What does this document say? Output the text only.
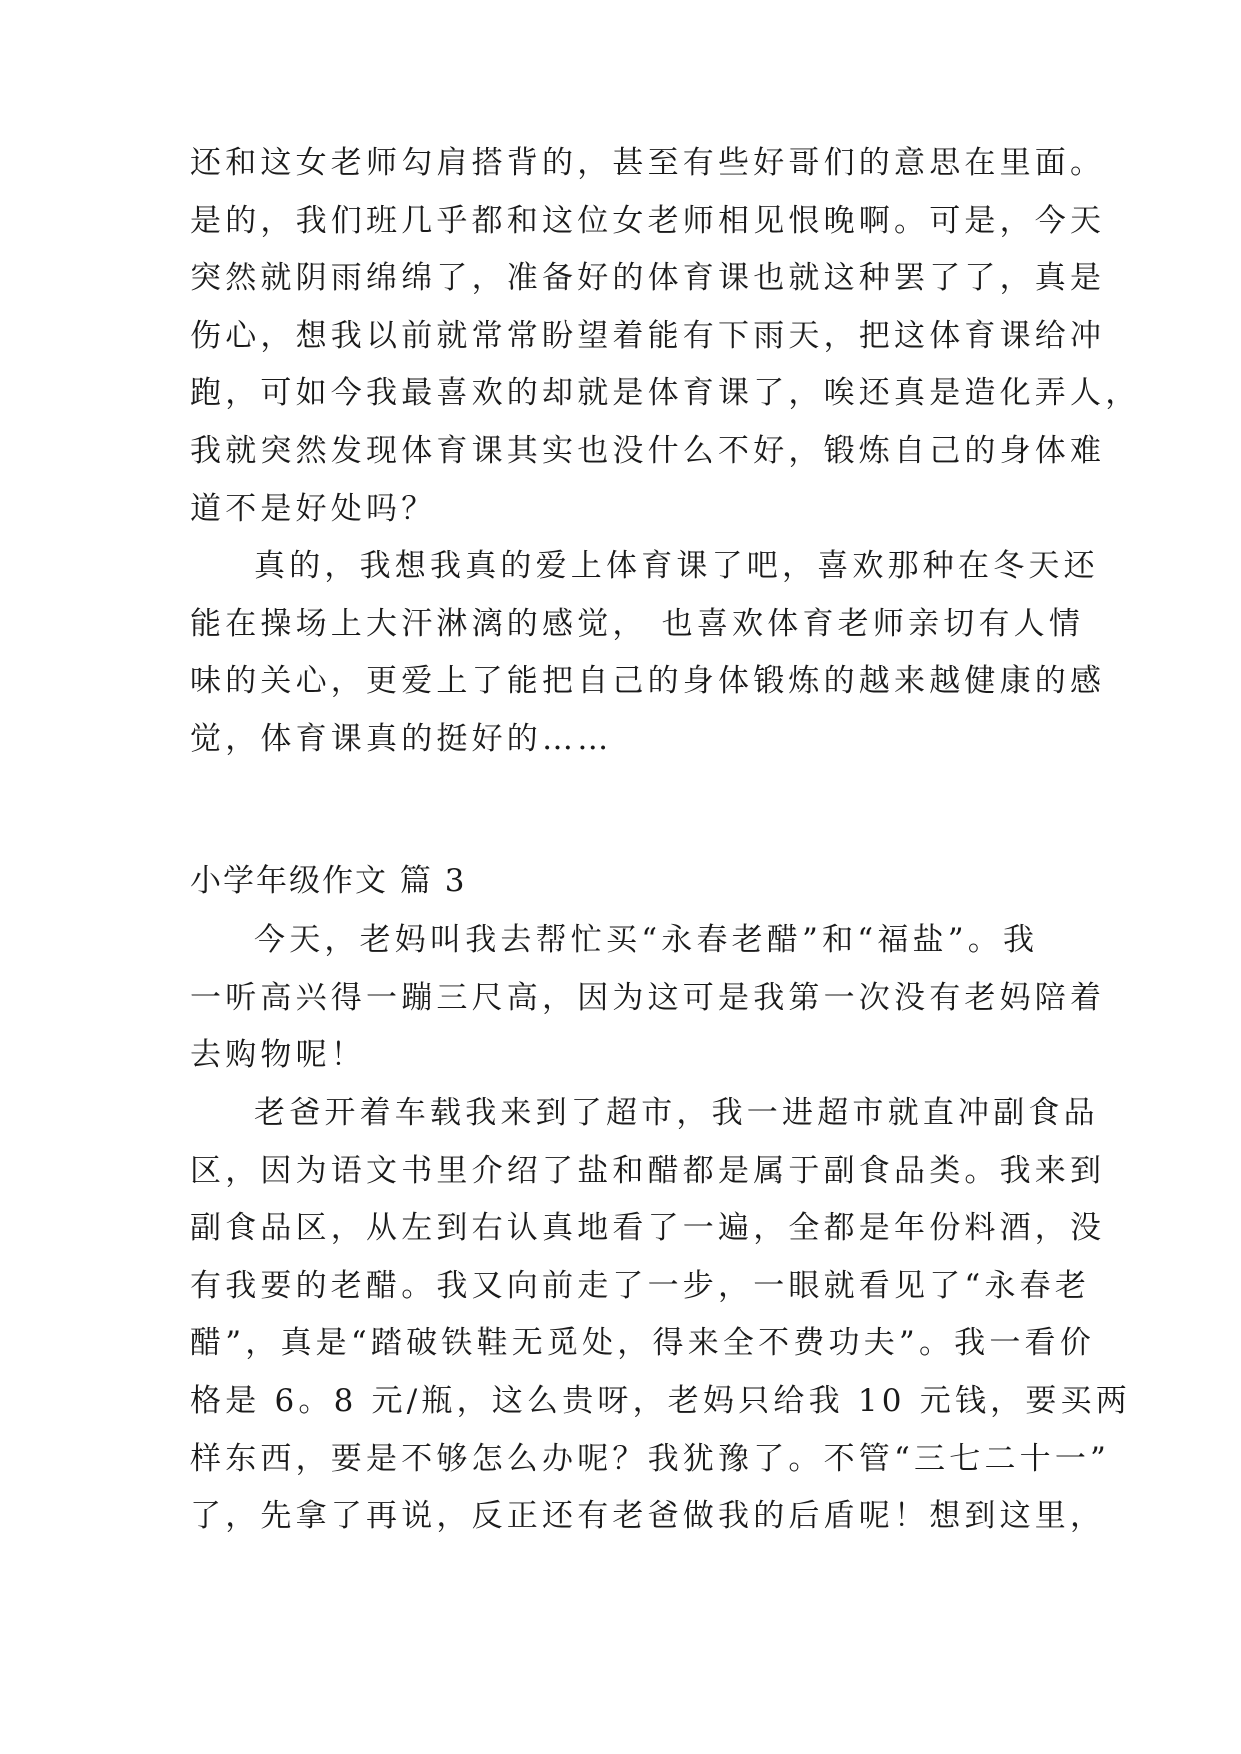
还和这女老师勾肩搭背的，甚至有些好哥们的意思在里面。
是的，我们班几乎都和这位女老师相见恨晚啊。可是，今天
突然就阴雨绵绵了，准备好的体育课也就这种罢了了，真是
伤心，想我以前就常常盼望着能有下雨天，把这体育课给冲
跑，可如今我最喜欢的却就是体育课了，唉还真是造化弄人，
我就突然发现体育课其实也没什么不好，锻炼自己的身体难
道不是好处吗？
真的，我想我真的爱上体育课了吧，喜欢那种在冬天还
能在操场上大汗淋漓的感觉， 也喜欢体育老师亲切有人情
味的关心，更爱上了能把自己的身体锻炼的越来越健康的感
觉，体育课真的挺好的……
小学年级作文 篇 3
今天，老妈叫我去帮忙买“永春老醋”和“福盐”。我
一听高兴得一蹦三尺高，因为这可是我第一次没有老妈陪着
去购物呢！
老爸开着车载我来到了超市，我一进超市就直冲副食品
区，因为语文书里介绍了盐和醋都是属于副食品类。我来到
副食品区，从左到右认真地看了一遍，全都是年份料酒，没
有我要的老醋。我又向前走了一步，一眼就看见了“永春老
醋”，真是“踏破铁鞋无觅处，得来全不费功夫”。我一看价
格是 6。8 元/瓶，这么贵呀，老妈只给我 10 元钱，要买两
样东西，要是不够怎么办呢？我犹豫了。不管“三七二十一”
了，先拿了再说，反正还有老爸做我的后盾呢！想到这里，
